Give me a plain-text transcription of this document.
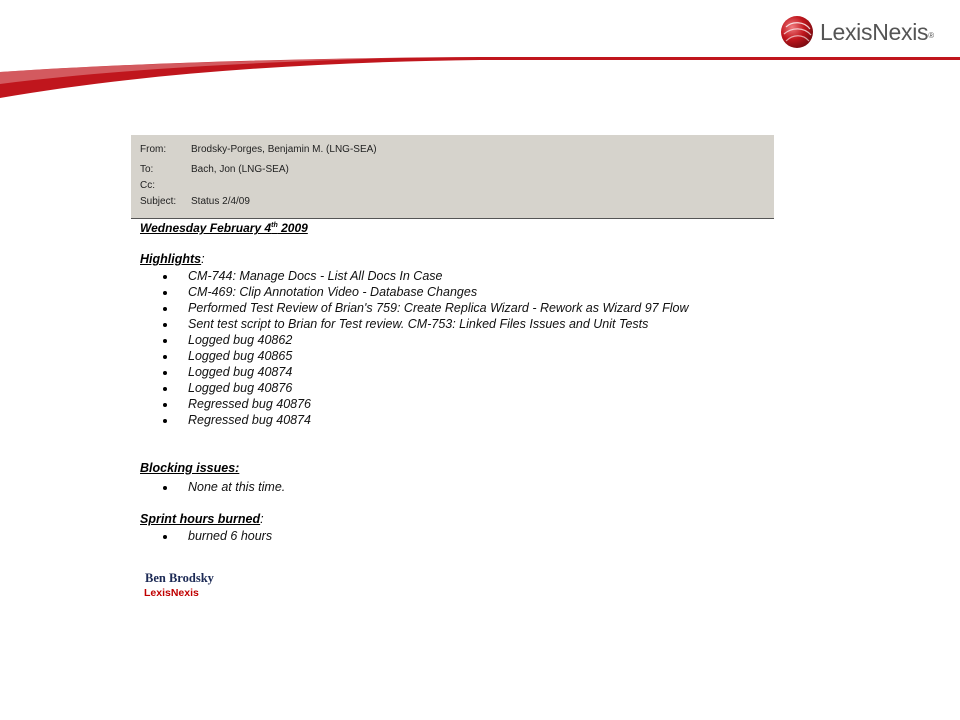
LexisNexis®
From:	Brodsky-Porges, Benjamin M. (LNG-SEA)
To:	Bach, Jon (LNG-SEA)
Cc:
Subject:	Status 2/4/09
Wednesday February 4th 2009
Highlights:
CM-744: Manage Docs - List All Docs In Case
CM-469: Clip Annotation Video - Database Changes
Performed Test Review of Brian's 759: Create Replica Wizard - Rework as Wizard 97 Flow
Sent test script to Brian for Test review. CM-753: Linked Files Issues and Unit Tests
Logged bug 40862
Logged bug 40865
Logged bug 40874
Logged bug 40876
Regressed bug 40876
Regressed bug 40874
Blocking issues:
None at this time.
Sprint hours burned:
burned 6 hours
Ben Brodsky
LexisNexis
